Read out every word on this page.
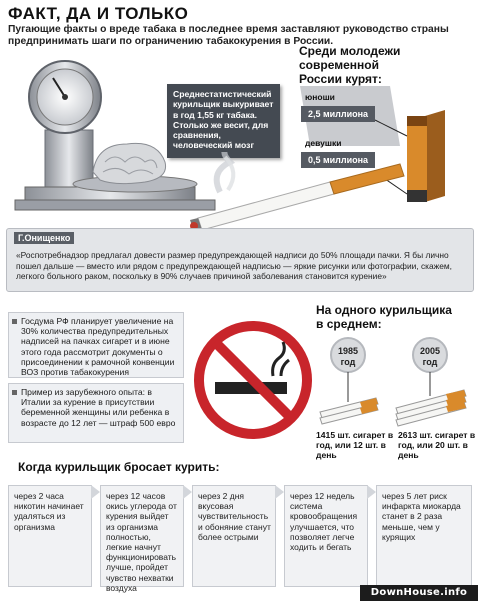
ФАКТ, ДА И ТОЛЬКО
Пугающие факты о вреде табака в последнее время заставляют руководство страны предпринимать шаги по ограничению табакокурения в России.
Среднестатистический курильщик выкуривает в год 1,55 кг табака. Столько же весит, для сравнения, человеческий мозг
Среди молодежи современной
России курят:
юноши
2,5 миллиона
девушки
0,5 миллиона
Г.Онищенко
«Роспотребнадзор предлагал довести размер предупреждающей надписи до 50% площади пачки. Я бы лично пошел дальше — вместо или рядом с предупреждающей надписью — яркие рисунки или фотографии, скажем, легкого больного раком, поскольку в 90% случаев причиной заболевания становится курение»
Госдума РФ планирует увеличение на 30% количества предупредительных надписей на пачках сигарет и в июне этого года рассмотрит документы о присоединении к рамочной конвенции ВОЗ против табакокурения
Пример из зарубежного опыта: в Италии за курение в присутствии беременной женщины или ребенка в возрасте до 12 лет — штраф 500 евро
На одного курильщика
в среднем:
1985
год
2005
год
1415 шт. сигарет в год, или 12 шт. в день
2613 шт. сигарет в год, или 20 шт. в день
Когда курильщик бросает курить:
через 2 часа никотин начинает удаляться из организма
через 12 часов окись углерода от курения выйдет из организма полностью, легкие начнут функционировать лучше, пройдет чувство нехватки воздуха
через 2 дня вкусовая чувствительность и обоняние станут более острыми
через 12 недель система кровообращения улучшается, что позволяет легче ходить и бегать
через 5 лет риск инфаркта миокарда станет в 2 раза меньше, чем у курящих
DownHouse.info
